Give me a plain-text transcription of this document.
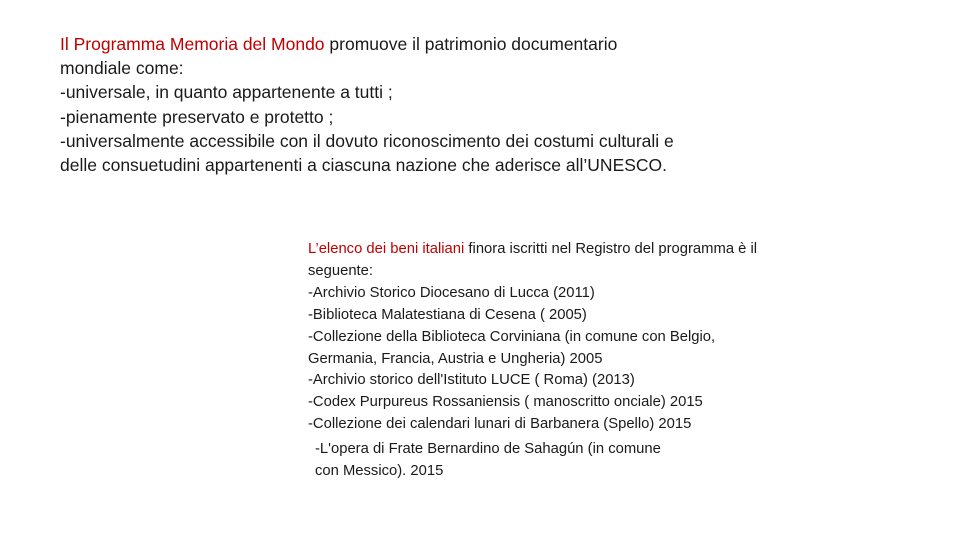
Il Programma Memoria del Mondo promuove il patrimonio documentario
mondiale come:
-universale, in quanto appartenente a tutti ;
-pienamente preservato e protetto ;
-universalmente accessibile con il dovuto riconoscimento dei costumi culturali e
delle consuetudini appartenenti a ciascuna nazione che aderisce all’UNESCO.
L’elenco dei beni italiani finora iscritti nel Registro del programma è il
seguente:
-Archivio Storico Diocesano di Lucca (2011)
-Biblioteca Malatestiana di Cesena ( 2005)
-Collezione della Biblioteca Corviniana (in comune con Belgio,
Germania, Francia, Austria e Ungheria) 2005
-Archivio storico dell'Istituto LUCE ( Roma) (2013)
-Codex Purpureus Rossaniensis ( manoscritto onciale) 2015
-Collezione dei calendari lunari di Barbanera (Spello) 2015
-L'opera di Frate Bernardino de Sahagún (in comune
con Messico). 2015
